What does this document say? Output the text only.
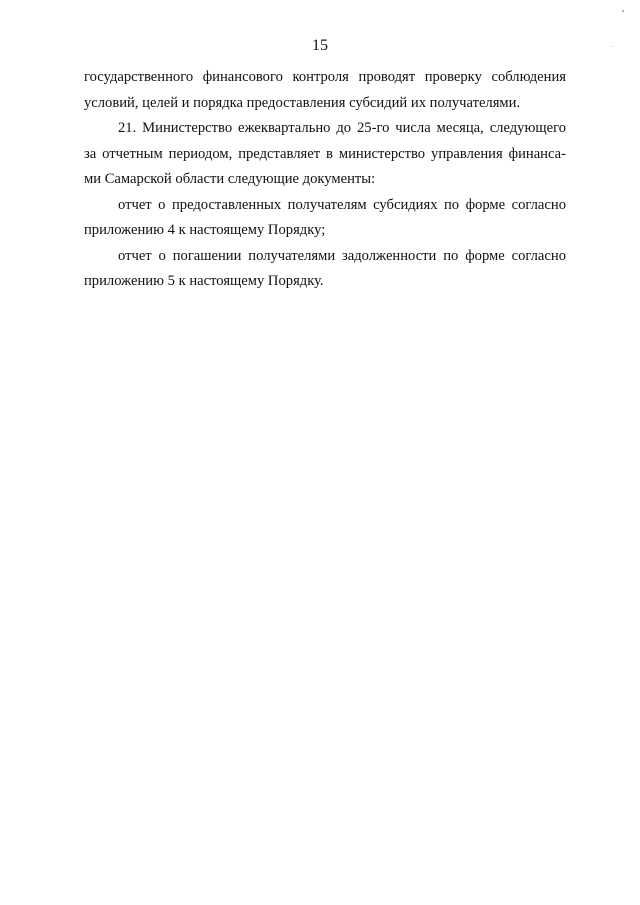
15
государственного финансового контроля проводят проверку соблюдения
условий, целей и порядка предоставления субсидий их получателями.
21. Министерство ежеквартально до 25-го числа месяца, следующего
за отчетным периодом, представляет в министерство управления финанса-
ми Самарской области следующие документы:
отчет о предоставленных получателям субсидиях по форме согласно
приложению 4 к настоящему Порядку;
отчет о погашении получателями задолженности по форме согласно
приложению 5 к настоящему Порядку.
